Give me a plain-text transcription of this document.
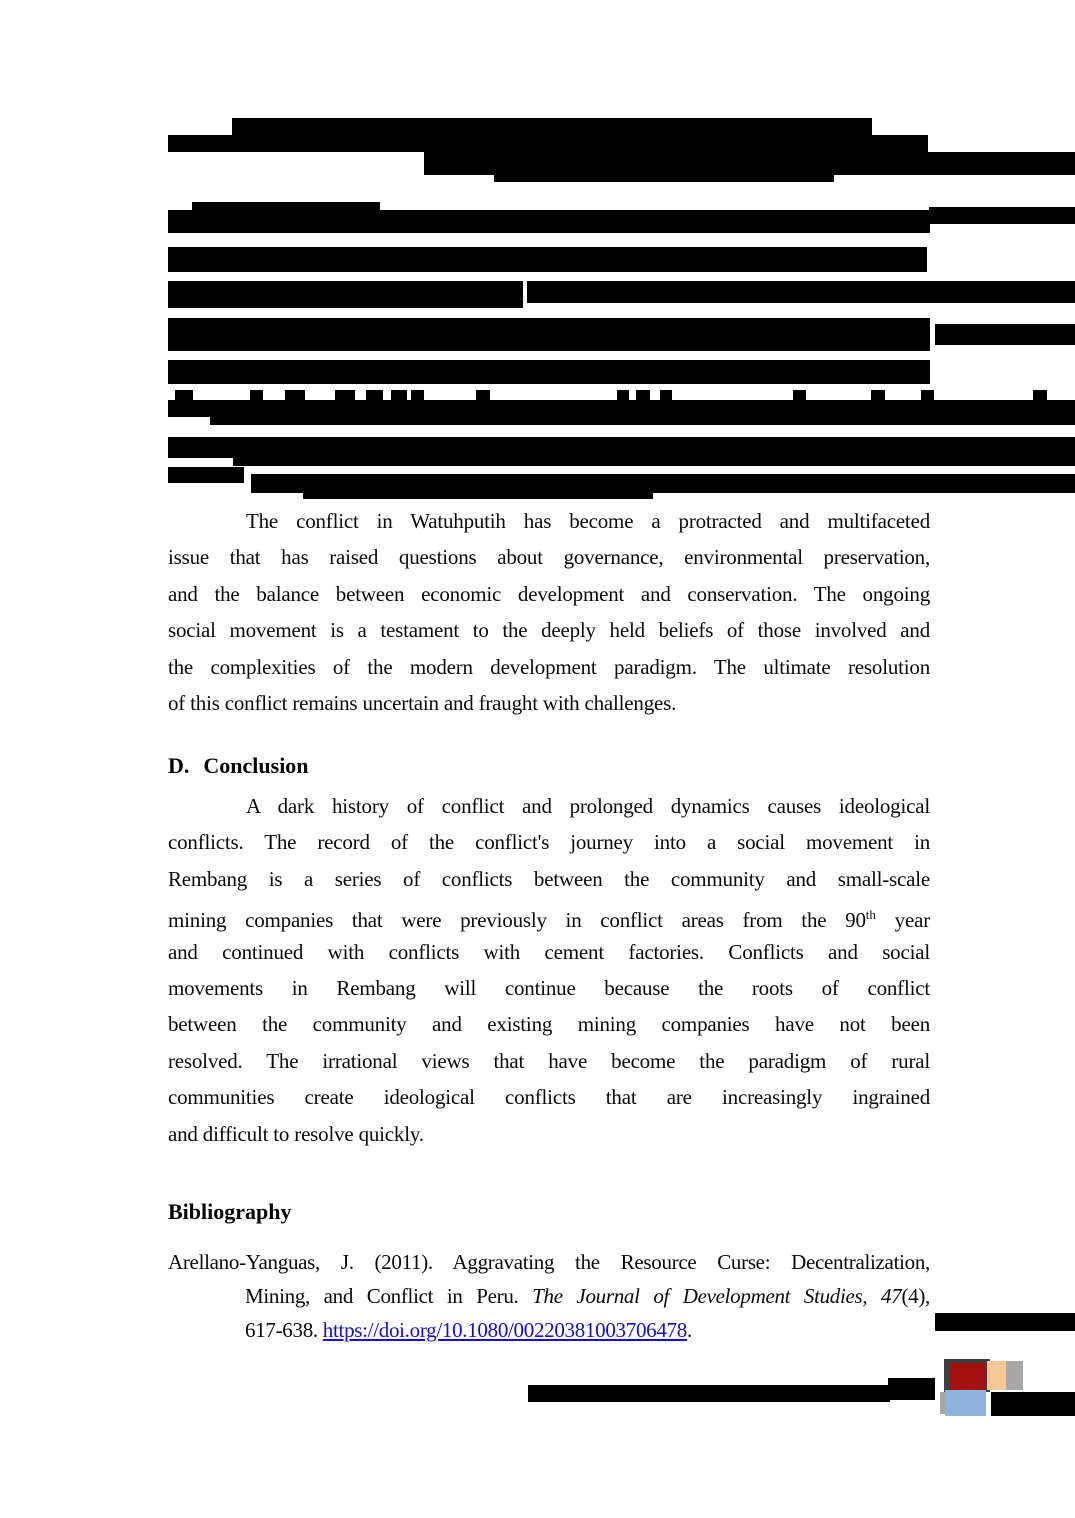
The conflict in Watuhputih has become a protracted and multifaceted
issue that has raised questions about governance, environmental preservation,
and the balance between economic development and conservation. The ongoing
social movement is a testament to the deeply held beliefs of those involved and
the complexities of the modern development paradigm. The ultimate resolution
of this conflict remains uncertain and fraught with challenges.
D. Conclusion
A dark history of conflict and prolonged dynamics causes ideological
conflicts. The record of the conflict's journey into a social movement in
Rembang is a series of conflicts between the community and small-scale
mining companies that were previously in conflict areas from the 90th year
and continued with conflicts with cement factories. Conflicts and social
movements in Rembang will continue because the roots of conflict
between the community and existing mining companies have not been
resolved. The irrational views that have become the paradigm of rural
communities create ideological conflicts that are increasingly ingrained
and difficult to resolve quickly.
Bibliography
Arellano-Yanguas, J. (2011). Aggravating the Resource Curse: Decentralization,
Mining, and Conflict in Peru. The Journal of Development Studies, 47(4),
617-638. https://doi.org/10.1080/00220381003706478.
